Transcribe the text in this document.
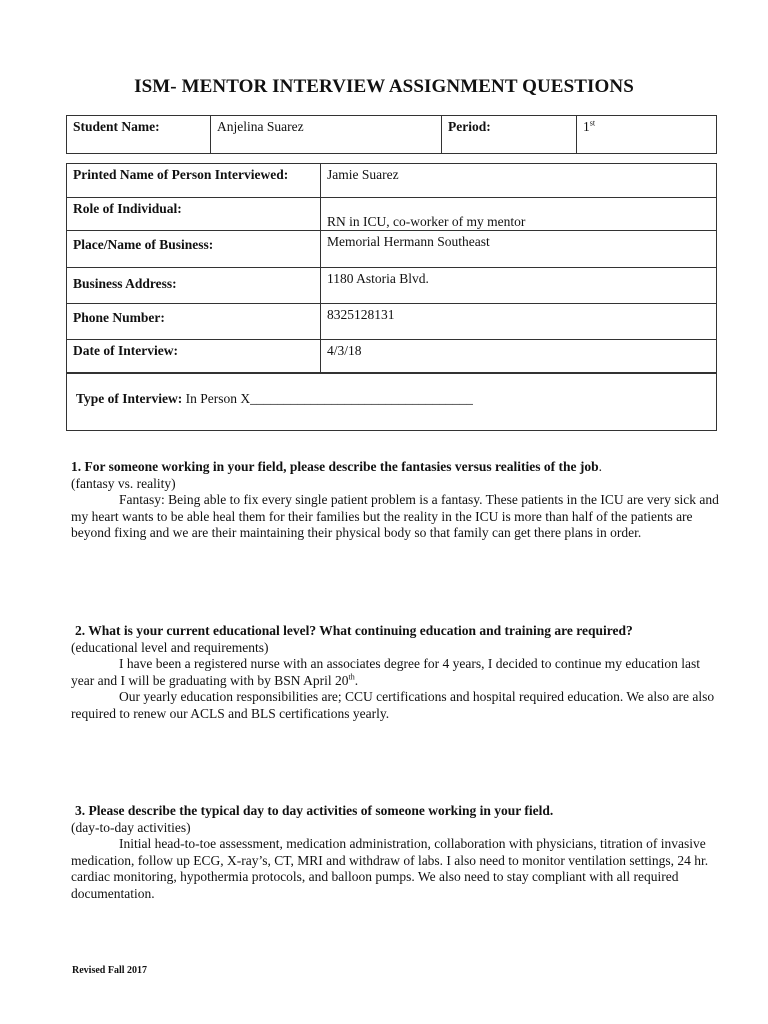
ISM- MENTOR INTERVIEW ASSIGNMENT QUESTIONS
Student Name:	Anjelina Suarez	Period:	1st
Printed Name of Person Interviewed:	Jamie Suarez
Role of Individual:	RN in ICU, co-worker of my mentor
Place/Name of Business:	Memorial Hermann Southeast
Business Address:	1180 Astoria Blvd.
Phone Number:	8325128131
Date of Interview:	4/3/18
Type of Interview: In Person X_________________________________
1. For someone working in your field, please describe the fantasies versus realities of the job.
(fantasy vs. reality)
Fantasy: Being able to fix every single patient problem is a fantasy. These patients in the ICU are very sick and my heart wants to be able heal them for their families but the reality in the ICU is more than half of the patients are beyond fixing and we are their maintaining their physical body so that family can get there plans in order.
2. What is your current educational level? What continuing education and training are required?
(educational level and requirements)
I have been a registered nurse with an associates degree for 4 years, I decided to continue my education last year and I will be graduating with by BSN April 20th.
Our yearly education responsibilities are; CCU certifications and hospital required education. We also are also required to renew our ACLS and BLS certifications yearly.
3. Please describe the typical day to day activities of someone working in your field.
(day-to-day activities)
Initial head-to-toe assessment, medication administration, collaboration with physicians, titration of invasive medication, follow up ECG, X-ray’s, CT, MRI and withdraw of labs. I also need to monitor ventilation settings, 24 hr. cardiac monitoring, hypothermia protocols, and balloon pumps. We also need to stay compliant with all required documentation.
Revised Fall 2017
